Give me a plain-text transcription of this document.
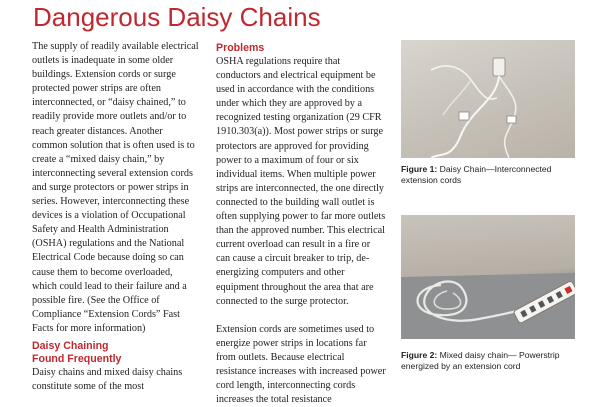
Dangerous Daisy Chains

The supply of readily available electrical outlets is inadequate in some older buildings. Extension cords or surge protected power strips are often interconnected, or “daisy chained,” to readily provide more outlets and/or to reach greater distances. Another common solution that is often used is to create a “mixed daisy chain,” by interconnecting several extension cords and surge protectors or power strips in series. However, interconnecting these devices is a violation of Occupational Safety and Health Administration (OSHA) regulations and the National Electrical Code because doing so can cause them to become overloaded, which could lead to their failure and a possible fire. (See the Office of Compliance “Extension Cords” Fast Facts for more information)

Daisy Chaining
Found Frequently

Daisy chains and mixed daisy chains constitute some of the most

Problems

OSHA regulations require that conductors and electrical equipment be used in accordance with the conditions under which they are approved by a recognized testing organization (29 CFR 1910.303(a)). Most power strips or surge protectors are approved for providing power to a maximum of four or six individual items. When multiple power strips are interconnected, the one directly connected to the building wall outlet is often supplying power to far more outlets than the approved number. This electrical current overload can result in a fire or can cause a circuit breaker to trip, de-energizing computers and other equipment throughout the area that are connected to the surge protector.

Extension cords are sometimes used to energize power strips in locations far from outlets. Because electrical resistance increases with increased power cord length, interconnecting cords increases the total resistance

Figure 1: Daisy Chain—Interconnected extension cords

Figure 2: Mixed daisy chain— Powerstrip energized by an extension cord
